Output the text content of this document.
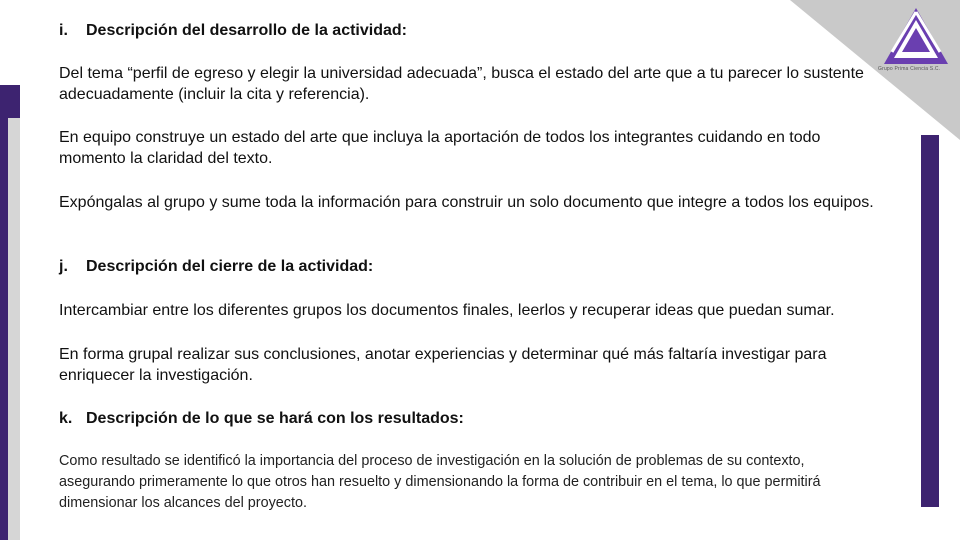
Grupo Prima Ciencia S.C.
i. Descripción del desarrollo de la actividad:
Del tema “perfil de egreso y elegir la universidad adecuada”, busca el estado del arte que a tu parecer lo sustente adecuadamente (incluir la cita y referencia).
En equipo construye un estado del arte que incluya la aportación de todos los integrantes cuidando en todo momento la claridad del texto.
Expóngalas al grupo y sume toda la información para construir un solo documento que integre a todos los equipos.
j. Descripción del cierre de la actividad:
Intercambiar entre los diferentes grupos los documentos finales, leerlos y recuperar ideas que puedan sumar.
En forma grupal realizar sus conclusiones, anotar experiencias y determinar qué más faltaría investigar para enriquecer la investigación.
k. Descripción de lo que se hará con los resultados:
Como resultado se identificó la importancia del proceso de investigación en la solución de problemas de su contexto, asegurando primeramente lo que otros han resuelto y dimensionando la forma de contribuir en el tema, lo que permitirá dimensionar los alcances del proyecto.
